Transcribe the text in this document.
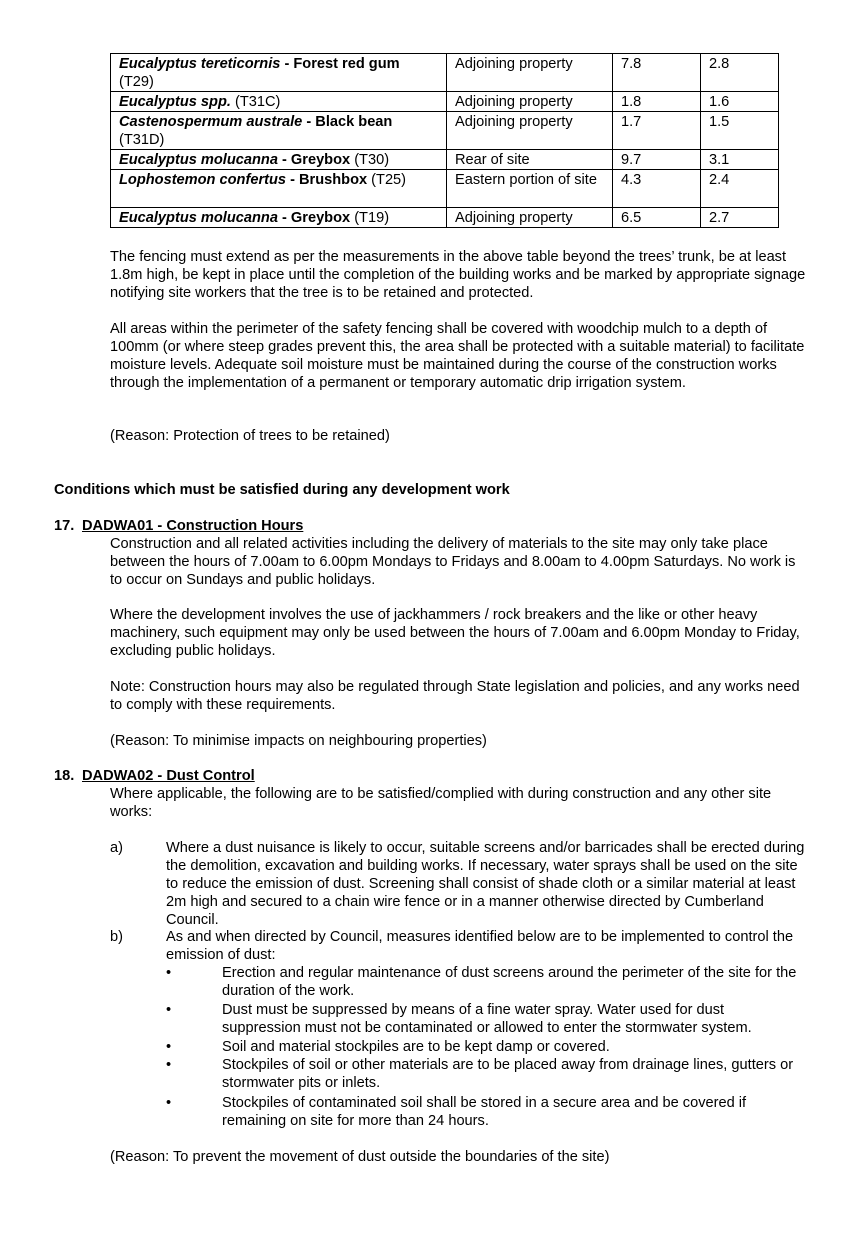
Eucalyptus tereticornis - Forest red gum
(T29)	Adjoining property	7.8	2.8
Eucalyptus spp. (T31C)	Adjoining property	1.8	1.6
Castenospermum australe - Black bean
(T31D)	Adjoining property	1.7	1.5
Eucalyptus molucanna - Greybox (T30)	Rear of site	9.7	3.1
Lophostemon confertus - Brushbox (T25)	Eastern portion of site	4.3	2.4
Eucalyptus molucanna - Greybox (T19)	Adjoining property	6.5	2.7
The fencing must extend as per the measurements in the above table beyond the trees’ trunk, be at least 1.8m high, be kept in place until the completion of the building works and be marked by appropriate signage notifying site workers that the tree is to be retained and protected.
All areas within the perimeter of the safety fencing shall be covered with woodchip mulch to a depth of 100mm (or where steep grades prevent this, the area shall be protected with a suitable material) to facilitate moisture levels. Adequate soil moisture must be maintained during the course of the construction works through the implementation of a permanent or temporary automatic drip irrigation system.
(Reason: Protection of trees to be retained)
Conditions which must be satisfied during any development work
17. DADWA01 - Construction Hours
Construction and all related activities including the delivery of materials to the site may only take place between the hours of 7.00am to 6.00pm Mondays to Fridays and 8.00am to 4.00pm Saturdays. No work is to occur on Sundays and public holidays.
Where the development involves the use of jackhammers / rock breakers and the like or other heavy machinery, such equipment may only be used between the hours of 7.00am and 6.00pm Monday to Friday, excluding public holidays.
Note: Construction hours may also be regulated through State legislation and policies, and any works need to comply with these requirements.
(Reason: To minimise impacts on neighbouring properties)
18. DADWA02 - Dust Control
Where applicable, the following are to be satisfied/complied with during construction and any other site works:
a)	Where a dust nuisance is likely to occur, suitable screens and/or barricades shall be erected during the demolition, excavation and building works. If necessary, water sprays shall be used on the site to reduce the emission of dust. Screening shall consist of shade cloth or a similar material at least 2m high and secured to a chain wire fence or in a manner otherwise directed by Cumberland Council.
b)	As and when directed by Council, measures identified below are to be implemented to control the emission of dust:
•	Erection and regular maintenance of dust screens around the perimeter of the site for the duration of the work.
•	Dust must be suppressed by means of a fine water spray. Water used for dust suppression must not be contaminated or allowed to enter the stormwater system.
•	Soil and material stockpiles are to be kept damp or covered.
•	Stockpiles of soil or other materials are to be placed away from drainage lines, gutters or stormwater pits or inlets.
•	Stockpiles of contaminated soil shall be stored in a secure area and be covered if remaining on site for more than 24 hours.
(Reason: To prevent the movement of dust outside the boundaries of the site)
